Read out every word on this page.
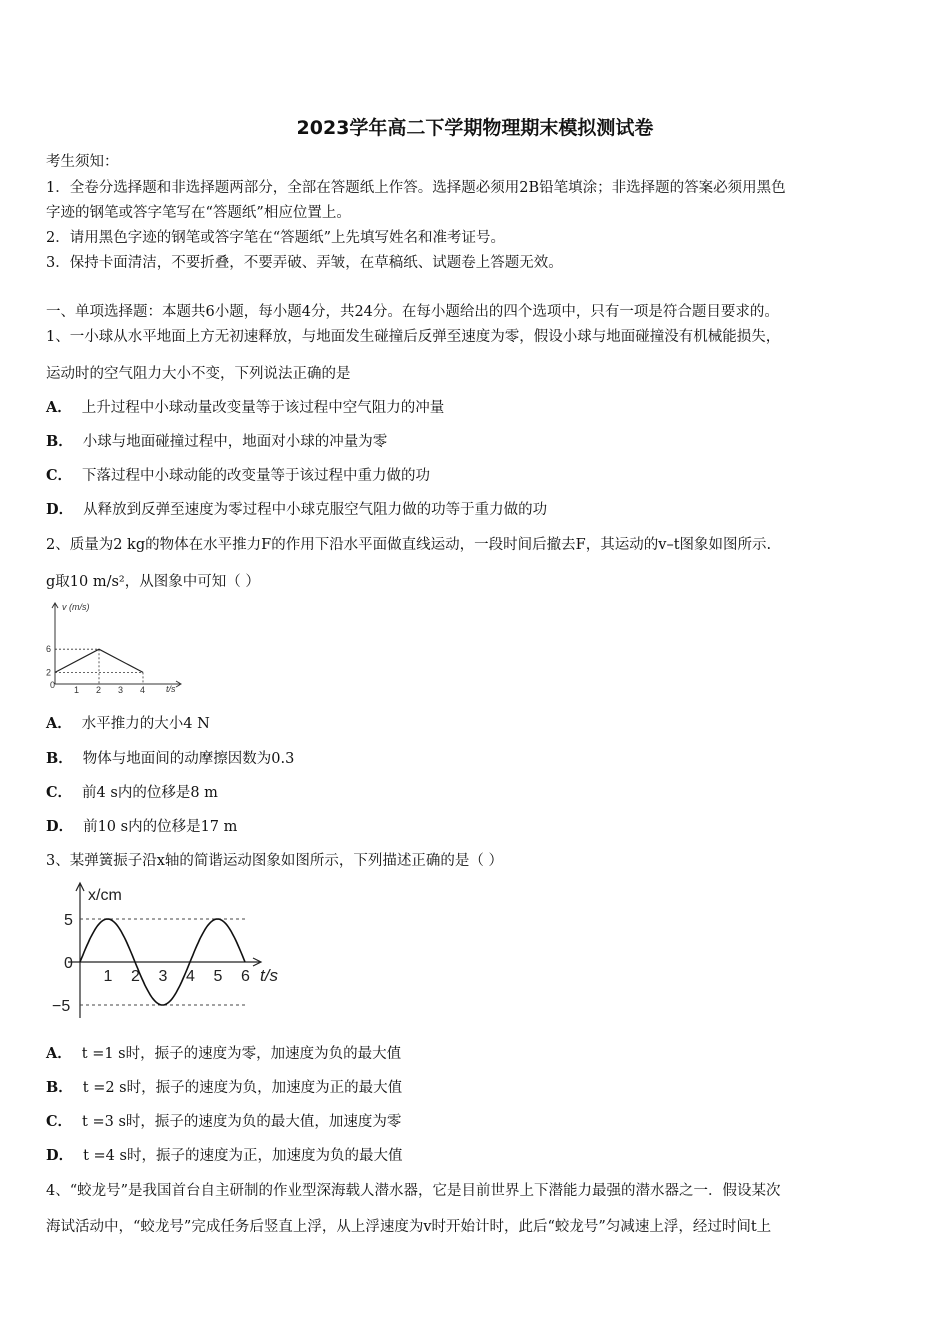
2023学年高二下学期物理期末模拟测试卷
考生须知：
1．全卷分选择题和非选择题两部分，全部在答题纸上作答。选择题必须用2B铅笔填涂；非选择题的答案必须用黑色
字迹的钢笔或答字笔写在“答题纸”相应位置上。
2．请用黑色字迹的钢笔或答字笔在“答题纸”上先填写姓名和准考证号。
3．保持卡面清洁，不要折叠，不要弄破、弄皱，在草稿纸、试题卷上答题无效。
一、单项选择题：本题共6小题，每小题4分，共24分。在每小题给出的四个选项中，只有一项是符合题目要求的。
1、一小球从水平地面上方无初速释放，与地面发生碰撞后反弹至速度为零，假设小球与地面碰撞没有机械能损失，
运动时的空气阻力大小不变，下列说法正确的是
A． 上升过程中小球动量改变量等于该过程中空气阻力的冲量
B． 小球与地面碰撞过程中，地面对小球的冲量为零
C． 下落过程中小球动能的改变量等于该过程中重力做的功
D． 从释放到反弹至速度为零过程中小球克服空气阻力做的功等于重力做的功
2、质量为2 kg的物体在水平推力F的作用下沿水平面做直线运动，一段时间后撤去F，其运动的v–t图象如图所示.
g取10 m/s²，从图象中可知（ ）
v (m/s)
t/s
0 1 2 3 4
2
6
A． 水平推力的大小4 N
B． 物体与地面间的动摩擦因数为0.3
C． 前4 s内的位移是8 m
D． 前10 s内的位移是17 m
3、某弹簧振子沿x轴的简谐运动图象如图所示，下列描述正确的是（ ）
x/cm
t/s
1 2 3 4 5 6
5
0
−5
A． t =1 s时，振子的速度为零，加速度为负的最大值
B． t =2 s时，振子的速度为负，加速度为正的最大值
C． t =3 s时，振子的速度为负的最大值，加速度为零
D． t =4 s时，振子的速度为正，加速度为负的最大值
4、“蛟龙号”是我国首台自主研制的作业型深海载人潜水器，它是目前世界上下潜能力最强的潜水器之一．假设某次
海试活动中，“蛟龙号”完成任务后竖直上浮，从上浮速度为v时开始计时，此后“蛟龙号”匀减速上浮，经过时间t上
